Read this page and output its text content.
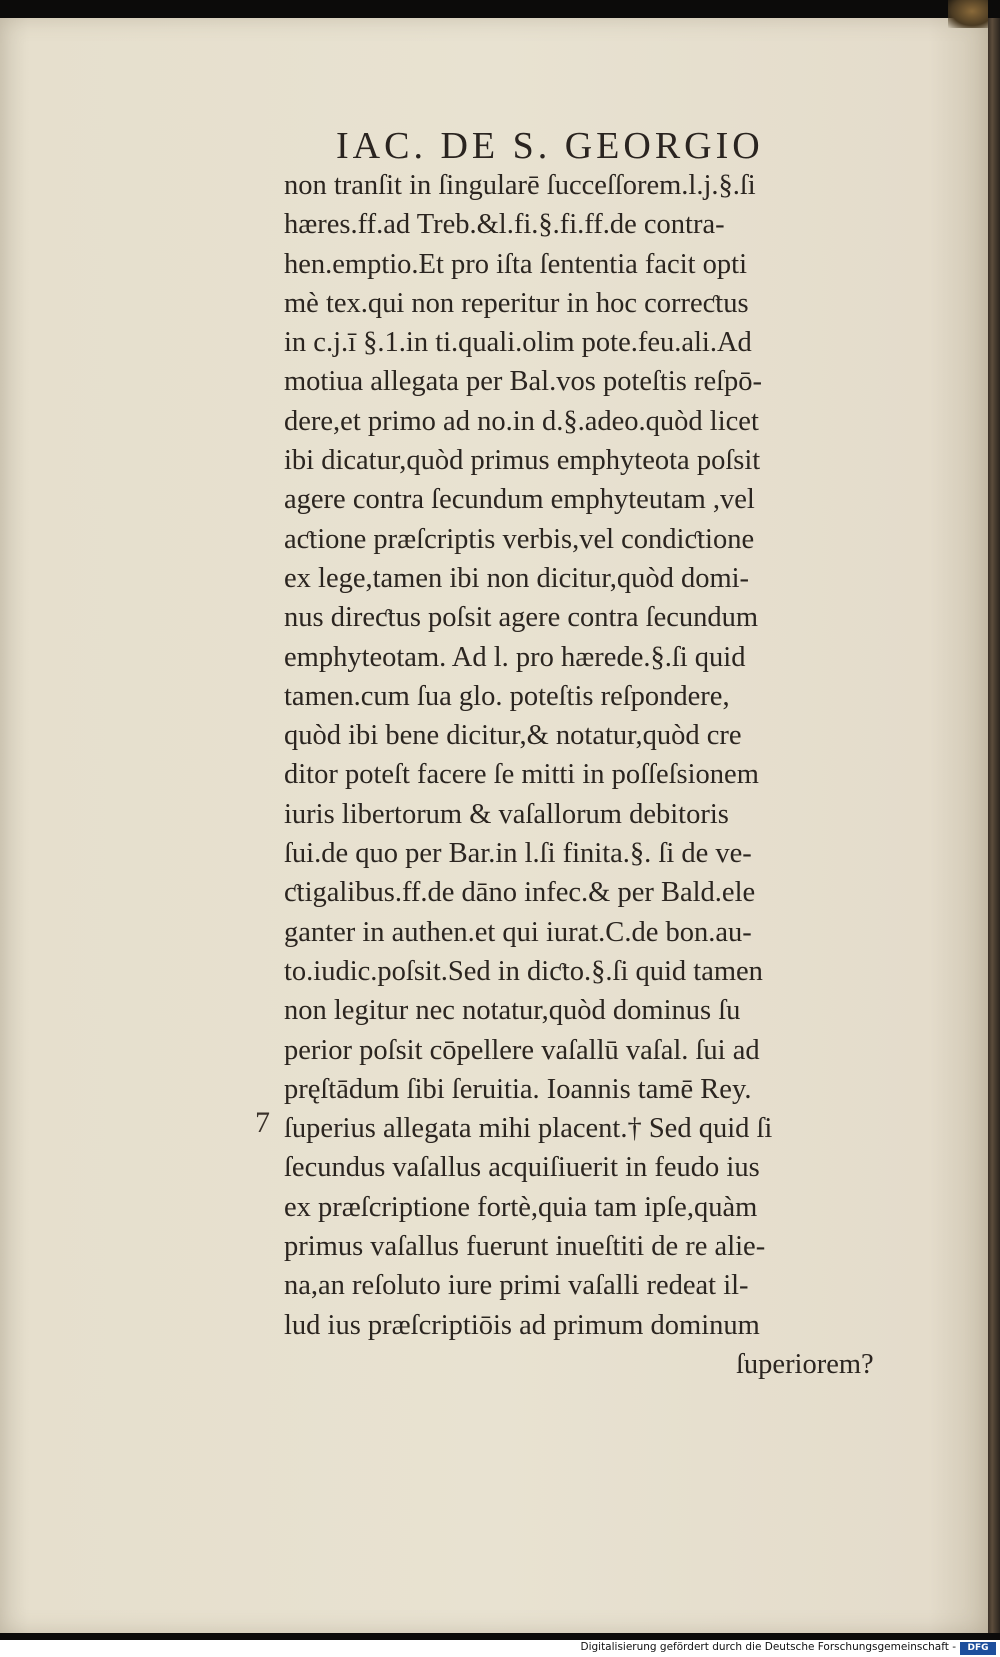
IAC. DE S. GEORGIO
non tranſit in ſingularē ſucceſſorem.l.j.§.ſi
hæres.ff.ad Treb.&l.fi.§.fi.ff.de contra-
hen.emptio.Et pro iſta ſententia facit opti
mè tex.qui non reperitur in hoc correƈtus
in c.j.ī §.1.in ti.quali.olim pote.feu.ali.Ad
motiua allegata per Bal.vos poteſtis reſpō-
dere,et primo ad no.in d.§.adeo.quòd licet
ibi dicatur,quòd primus emphyteota poſsit
agere contra ſecundum emphyteutam ,vel
aƈtione præſcriptis verbis,vel condiƈtione
ex lege,tamen ibi non dicitur,quòd domi-
nus direƈtus poſsit agere contra ſecundum
emphyteotam. Ad l. pro hærede.§.ſi quid
tamen.cum ſua glo. poteſtis reſpondere,
quòd ibi bene dicitur,& notatur,quòd cre
ditor poteſt facere ſe mitti in poſſeſsionem
iuris libertorum & vaſallorum debitoris
ſui.de quo per Bar.in l.ſi finita.§. ſi de ve-
ƈtigalibus.ff.de dāno infec.& per Bald.ele
ganter in authen.et qui iurat.C.de bon.au-
to.iudic.poſsit.Sed in diƈto.§.ſi quid tamen
non legitur nec notatur,quòd dominus ſu
perior poſsit cōpellere vaſallū vaſal. ſui ad
pręſtādum ſibi ſeruitia. Ioannis tamē Rey.
ſuperius allegata mihi placent.† Sed quid ſi
ſecundus vaſallus acquiſiuerit in feudo ius
ex præſcriptione fortè,quia tam ipſe,quàm
primus vaſallus fuerunt inueſtiti de re alie-
na,an reſoluto iure primi vaſalli redeat il-
lud ius præſcriptiōis ad primum dominum
ſuperiorem?
7
Digitalisierung gefördert durch die Deutsche Forschungsgemeinschaft -	DFG
